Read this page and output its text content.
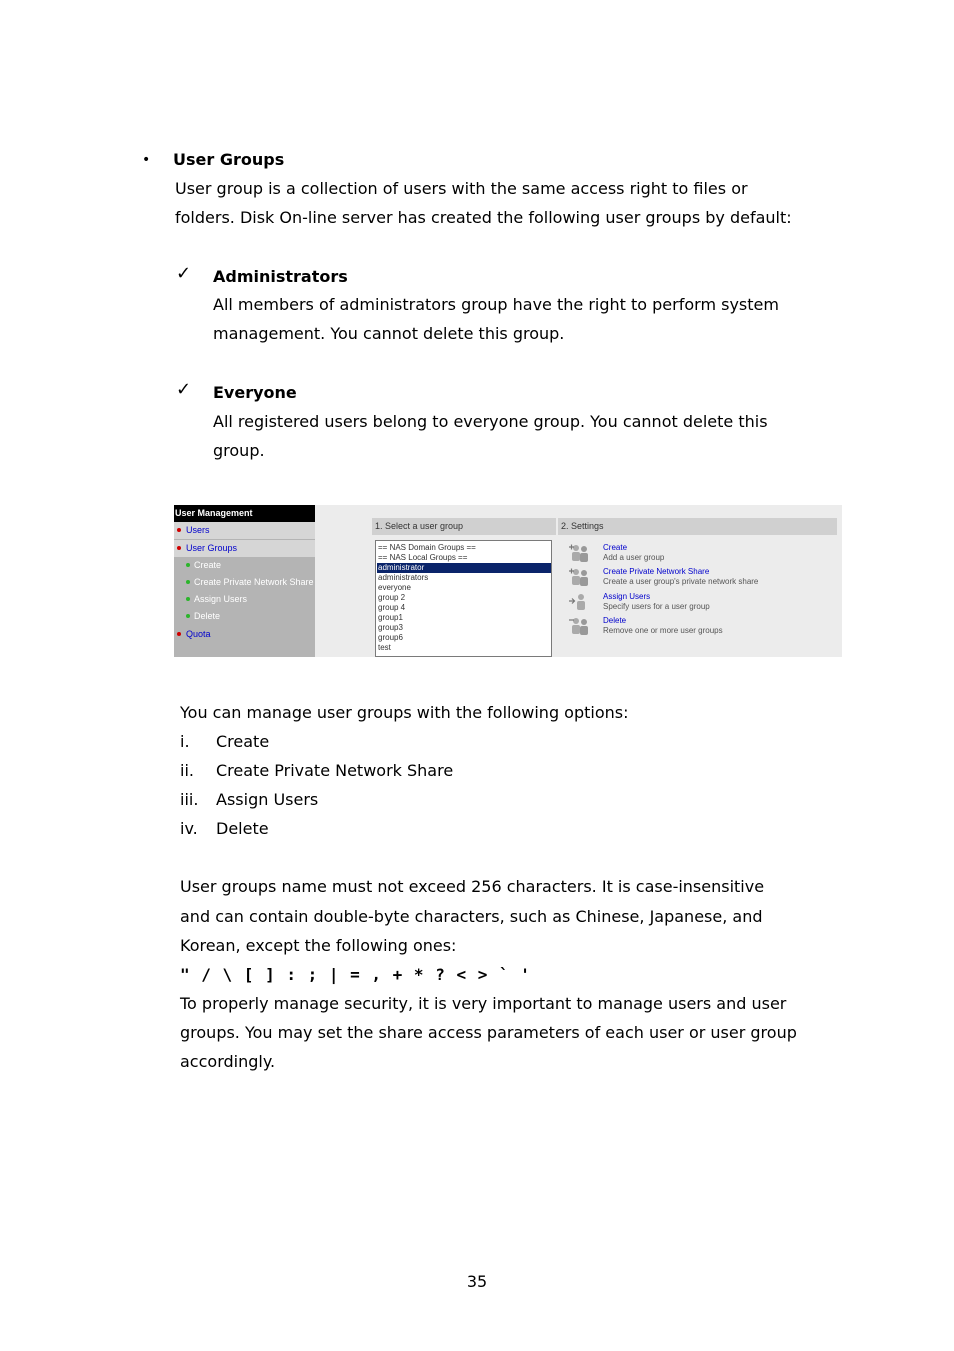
• User Groups
User group is a collection of users with the same access right to files or
folders. Disk On-line server has created the following user groups by default:
✓ Administrators
All members of administrators group have the right to perform system
management. You cannot delete this group.
✓ Everyone
All registered users belong to everyone group. You cannot delete this
group.
User Management
Users
User Groups
Create
Create Private Network Share
Assign Users
Delete
Quota
1. Select a user group	2. Settings
== NAS Domain Groups ==
== NAS Local Groups ==
administrator
administrators
everyone
group 2
group 4
group1
group3
group6
test
Create
Add a user group
Create Private Network Share
Create a user group's private network share
Assign Users
Specify users for a user group
Delete
Remove one or more user groups
You can manage user groups with the following options:
i. Create
ii. Create Private Network Share
iii. Assign Users
iv. Delete
User groups name must not exceed 256 characters. It is case-insensitive
and can contain double-byte characters, such as Chinese, Japanese, and
Korean, except the following ones:
" / \ [ ] : ; | = , + * ? < > ` '
To properly manage security, it is very important to manage users and user
groups. You may set the share access parameters of each user or user group
accordingly.
35
